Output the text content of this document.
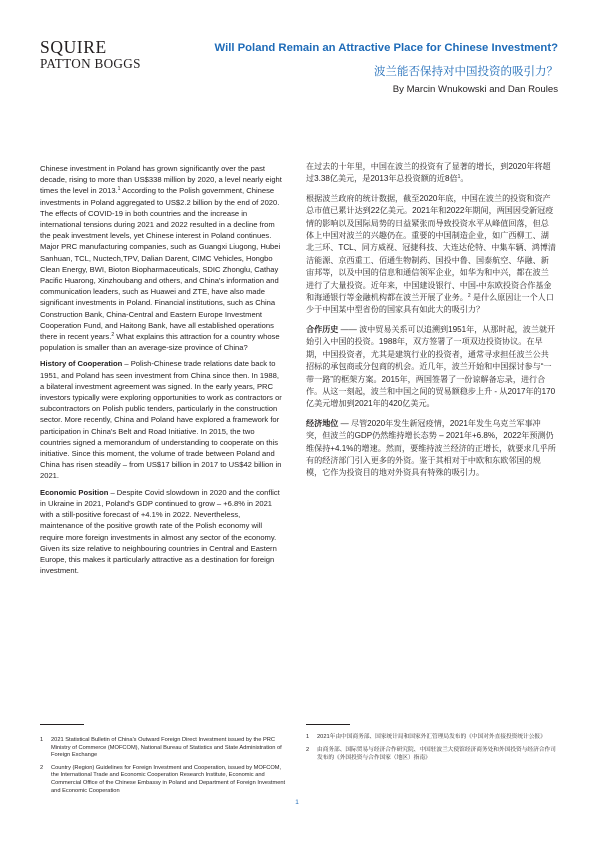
SQUIRE
PATTON BOGGS
Will Poland Remain an Attractive Place for Chinese Investment?
波兰能否保持对中国投资的吸引力？
By Marcin Wnukowski and Dan Roules

Chinese investment in Poland has grown significantly over the past decade, rising to more than US$338 million by 2020, a level nearly eight times the level in 2013.$^1$ According to the Polish government, Chinese investments in Poland aggregated to US$2.2 billion by the end of 2020. The effects of COVID-19 in both countries and the increase in international tensions during 2021 and 2022 resulted in a decline from the peak investment levels, yet Chinese interest in Poland continues. Major PRC manufacturing companies, such as Guangxi Liugong, Hubei Sanhuan, TCL, Nuctech,TPV, Dalian Darent, CIMC Vehicles, Hongbo Clean Energy, BWI, Bioton Biopharmaceuticals, SDIC Zhonglu, Cathay Pacific Huarong, Xinzhoubang and others, and China's information and communication leaders, such as Huawei and ZTE, have also made significant investments in Poland. Financial institutions, such as China Construction Bank, China-Central and Eastern Europe Investment Cooperation Fund, and Haitong Bank, have all established operations there in recent years.$^2$ What explains this attraction for a country whose population is smaller than an average-size province of China?

History of Cooperation – Polish-Chinese trade relations date back to 1951, and Poland has seen investment from China since then. In 1988, a bilateral investment agreement was signed. In the early years, PRC investors typically were exploring opportunities to work as contractors or subcontractors on Polish public tenders, particularly in the construction sector. More recently, China and Poland have explored a framework for participation in China's Belt and Road Initiative. In 2015, the two countries signed a memorandum of understanding to cooperate on this initiative. Since this moment, the volume of trade between Poland and China has risen steadily – from US$17 billion in 2017 to US$42 billion in 2021.

Economic Position – Despite Covid slowdown in 2020 and the conflict in Ukraine in 2021, Poland's GDP continued to grow – +6.8% in 2021 with a still-positive forecast of +4.1% in 2022. Nevertheless, maintenance of the positive growth rate of the Polish economy will require more foreign investments in almost any sector of the economy. Given its size relative to neighbouring countries in Central and Eastern Europe, this makes it particularly attractive as a destination for foreign investment.

在过去的十年里，中国在波兰的投资有了显著的增长，到2020年将超过3.38亿美元，是2013年总投资额的近8倍$^1$。

根据波兰政府的统计数据，截至2020年底，中国在波兰的投资和资产总市值已累计达到22亿美元。2021年和2022年期间，两国因受新冠疫情的影响以及国际局势的日益紧张而导致投资水平从峰值回落，但总体上中国对波兰的兴趣仍在。重要的中国制造企业，如广西柳工、湖北三环、TCL、同方威视、冠捷科技、大连达伦特、中集车辆、鸿博清洁能源、京西重工、佰通生物制药、国投中鲁、国泰航空、华融、新宙邦等，以及中国的信息和通信领军企业，如华为和中兴，都在波兰进行了大量投资。近年来，中国建设银行、中国-中东欧投资合作基金和海通银行等金融机构都在波兰开展了业务。$^2$ 是什么原因让一个人口少于中国某中型省份的国家具有如此大的吸引力？

合作历史 —— 波中贸易关系可以追溯到1951年，从那时起，波兰就开始引入中国的投资。1988年，双方签署了一项双边投资协议。在早期，中国投资者，尤其是建筑行业的投资者，通常寻求担任波兰公共招标的承包商或分包商的机会。近几年，波兰开始和中国探讨参与“一带一路”的框架方案。2015年，两国签署了一份谅解备忘录，进行合作。从这一刻起，波兰和中国之间的贸易额稳步上升 - 从2017年的170亿美元增加到2021年的420亿美元。

经济地位 — 尽管2020年发生新冠疫情，2021年发生乌克兰军事冲突，但波兰的GDP仍然维持增长态势 – 2021年+6.8%，2022年预测仍维保持+4.1%的增速。然而，要维持波兰经济的正增长，就要求几乎所有的经济部门引入更多的外资。鉴于其相对于中欧和东欧邻国的规模，它作为投资目的地对外资具有特殊的吸引力。

1	2021 Statistical Bulletin of China's Outward Foreign Direct Investment issued by the PRC Ministry of Commerce (MOFCOM), National Bureau of Statistics and State Administration of Foreign Exchange
2	Country (Region) Guidelines for Foreign Investment and Cooperation, issued by MOFCOM, the International Trade and Economic Cooperation Research Institute, Economic and Commercial Office of the Chinese Embassy in Poland and Department of Foreign Investment and Economic Cooperation
1	2021年由中国商务部、国家统计局和国家外汇管理局发布的《中国对外直接投资统计公报》
2	由商务部、国际贸易与经济合作研究院、中国驻波兰大使馆经济商务处和外国投资与经济合作司发布的《外国投资与合作国家（地区）指南》
1
